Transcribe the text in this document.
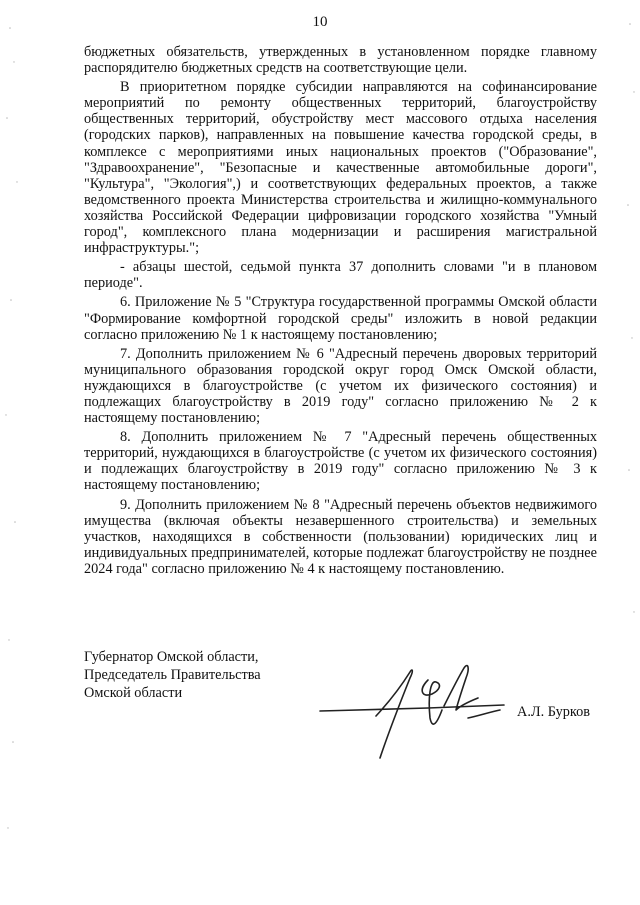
10

бюджетных обязательств, утвержденных в установленном порядке главному распорядителю бюджетных средств на соответствующие цели.

В приоритетном порядке субсидии направляются на софинансирование мероприятий по ремонту общественных территорий, благоустройству общественных территорий, обустройству мест массового отдыха населения (городских парков), направленных на повышение качества городской среды, в комплексе с мероприятиями иных национальных проектов ("Образование", "Здравоохранение", "Безопасные и качественные автомобильные дороги", "Культура", "Экология",) и соответствующих федеральных проектов, а также ведомственного проекта Министерства строительства и жилищно-коммунального хозяйства Российской Федерации цифровизации городского хозяйства "Умный город", комплексного плана модернизации и расширения магистральной инфраструктуры.";

- абзацы шестой, седьмой пункта 37 дополнить словами "и в плановом периоде".

6. Приложение № 5 "Структура государственной программы Омской области "Формирование комфортной городской среды" изложить в новой редакции согласно приложению № 1 к настоящему постановлению;

7. Дополнить приложением № 6 "Адресный перечень дворовых территорий муниципального образования городской округ город Омск Омской области, нуждающихся в благоустройстве (с учетом их физического состояния) и подлежащих благоустройству в 2019 году" согласно приложению № 2 к настоящему постановлению;

8. Дополнить приложением № 7 "Адресный перечень общественных территорий, нуждающихся в благоустройстве (с учетом их физического состояния) и подлежащих благоустройству в 2019 году" согласно приложению № 3 к настоящему постановлению;

9. Дополнить приложением № 8 "Адресный перечень объектов недвижимого имущества (включая объекты незавершенного строительства) и земельных участков, находящихся в собственности (пользовании) юридических лиц и индивидуальных предпринимателей, которые подлежат благоустройству не позднее 2024 года" согласно приложению № 4 к настоящему постановлению.

Губернатор Омской области,
Председатель Правительства
Омской области
А.Л. Бурков
